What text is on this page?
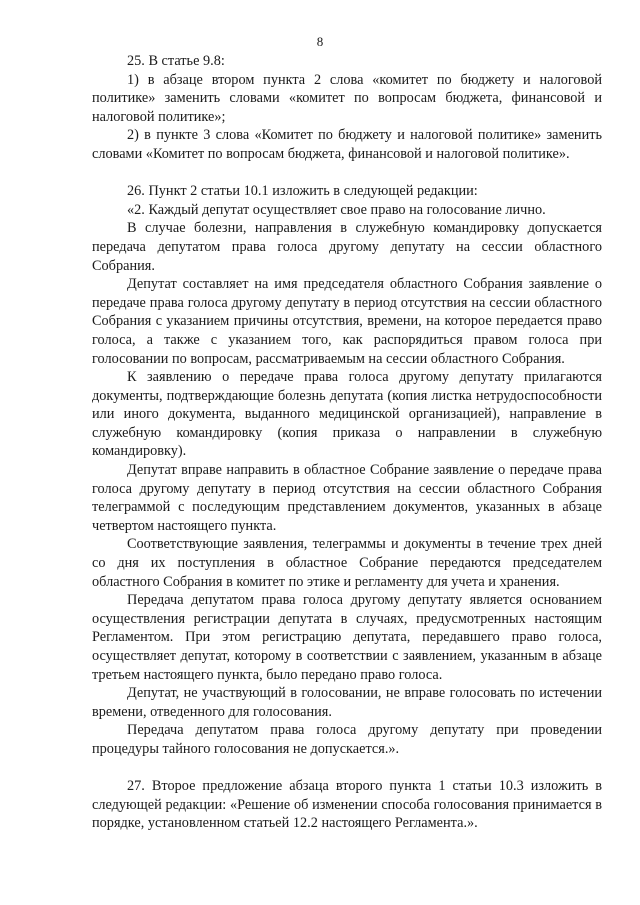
8

25. В статье 9.8:

1) в абзаце втором пункта 2 слова «комитет по бюджету и налоговой политике» заменить словами «комитет по вопросам бюджета, финансовой и налоговой политике»;

2) в пункте 3 слова «Комитет по бюджету и налоговой политике» заменить словами «Комитет по вопросам бюджета, финансовой и налоговой политике».

26. Пункт 2 статьи 10.1 изложить в следующей редакции:

«2. Каждый депутат осуществляет свое право на голосование лично.

В случае болезни, направления в служебную командировку допускается передача депутатом права голоса другому депутату на сессии областного Собрания.

Депутат составляет на имя председателя областного Собрания заявление о передаче права голоса другому депутату в период отсутствия на сессии областного Собрания с указанием причины отсутствия, времени, на которое передается право голоса, а также с указанием того, как распорядиться правом голоса при голосовании по вопросам, рассматриваемым на сессии областного Собрания.

К заявлению о передаче права голоса другому депутату прилагаются документы, подтверждающие болезнь депутата (копия листка нетрудоспособности или иного документа, выданного медицинской организацией), направление в служебную командировку (копия приказа о направлении в служебную командировку).

Депутат вправе направить в областное Собрание заявление о передаче права голоса другому депутату в период отсутствия на сессии областного Собрания телеграммой с последующим представлением документов, указанных в абзаце четвертом настоящего пункта.

Соответствующие заявления, телеграммы и документы в течение трех дней со дня их поступления в областное Собрание передаются председателем областного Собрания в комитет по этике и регламенту для учета и хранения.

Передача депутатом права голоса другому депутату является основанием осуществления регистрации депутата в случаях, предусмотренных настоящим Регламентом. При этом регистрацию депутата, передавшего право голоса, осуществляет депутат, которому в соответствии с заявлением, указанным в абзаце третьем настоящего пункта, было передано право голоса.

Депутат, не участвующий в голосовании, не вправе голосовать по истечении времени, отведенного для голосования.

Передача депутатом права голоса другому депутату при проведении процедуры тайного голосования не допускается.».

27. Второе предложение абзаца второго пункта 1 статьи 10.3 изложить в следующей редакции: «Решение об изменении способа голосования принимается в порядке, установленном статьей 12.2 настоящего Регламента.».
